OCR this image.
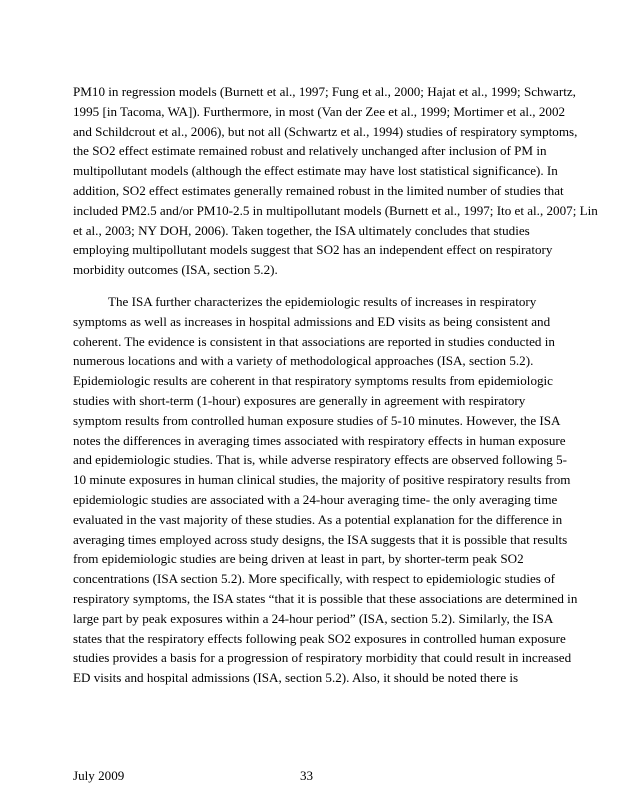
PM10 in regression models (Burnett et al., 1997; Fung et al., 2000; Hajat et al., 1999; Schwartz,
1995 [in Tacoma, WA]). Furthermore, in most (Van der Zee et al., 1999; Mortimer et al., 2002
and Schildcrout et al., 2006), but not all (Schwartz et al., 1994) studies of respiratory symptoms,
the SO2 effect estimate remained robust and relatively unchanged after inclusion of PM in
multipollutant models (although the effect estimate may have lost statistical significance). In
addition, SO2 effect estimates generally remained robust in the limited number of studies that
included PM2.5 and/or PM10-2.5 in multipollutant models (Burnett et al., 1997; Ito et al., 2007; Lin
et al., 2003; NY DOH, 2006). Taken together, the ISA ultimately concludes that studies
employing multipollutant models suggest that SO2 has an independent effect on respiratory
morbidity outcomes (ISA, section 5.2).
The ISA further characterizes the epidemiologic results of increases in respiratory
symptoms as well as increases in hospital admissions and ED visits as being consistent and
coherent. The evidence is consistent in that associations are reported in studies conducted in
numerous locations and with a variety of methodological approaches (ISA, section 5.2).
Epidemiologic results are coherent in that respiratory symptoms results from epidemiologic
studies with short-term (1-hour) exposures are generally in agreement with respiratory
symptom results from controlled human exposure studies of 5-10 minutes. However, the ISA
notes the differences in averaging times associated with respiratory effects in human exposure
and epidemiologic studies. That is, while adverse respiratory effects are observed following 5-
10 minute exposures in human clinical studies, the majority of positive respiratory results from
epidemiologic studies are associated with a 24-hour averaging time- the only averaging time
evaluated in the vast majority of these studies. As a potential explanation for the difference in
averaging times employed across study designs, the ISA suggests that it is possible that results
from epidemiologic studies are being driven at least in part, by shorter-term peak SO2
concentrations (ISA section 5.2). More specifically, with respect to epidemiologic studies of
respiratory symptoms, the ISA states “that it is possible that these associations are determined in
large part by peak exposures within a 24-hour period” (ISA, section 5.2). Similarly, the ISA
states that the respiratory effects following peak SO2 exposures in controlled human exposure
studies provides a basis for a progression of respiratory morbidity that could result in increased
ED visits and hospital admissions (ISA, section 5.2). Also, it should be noted there is
July 2009	33
